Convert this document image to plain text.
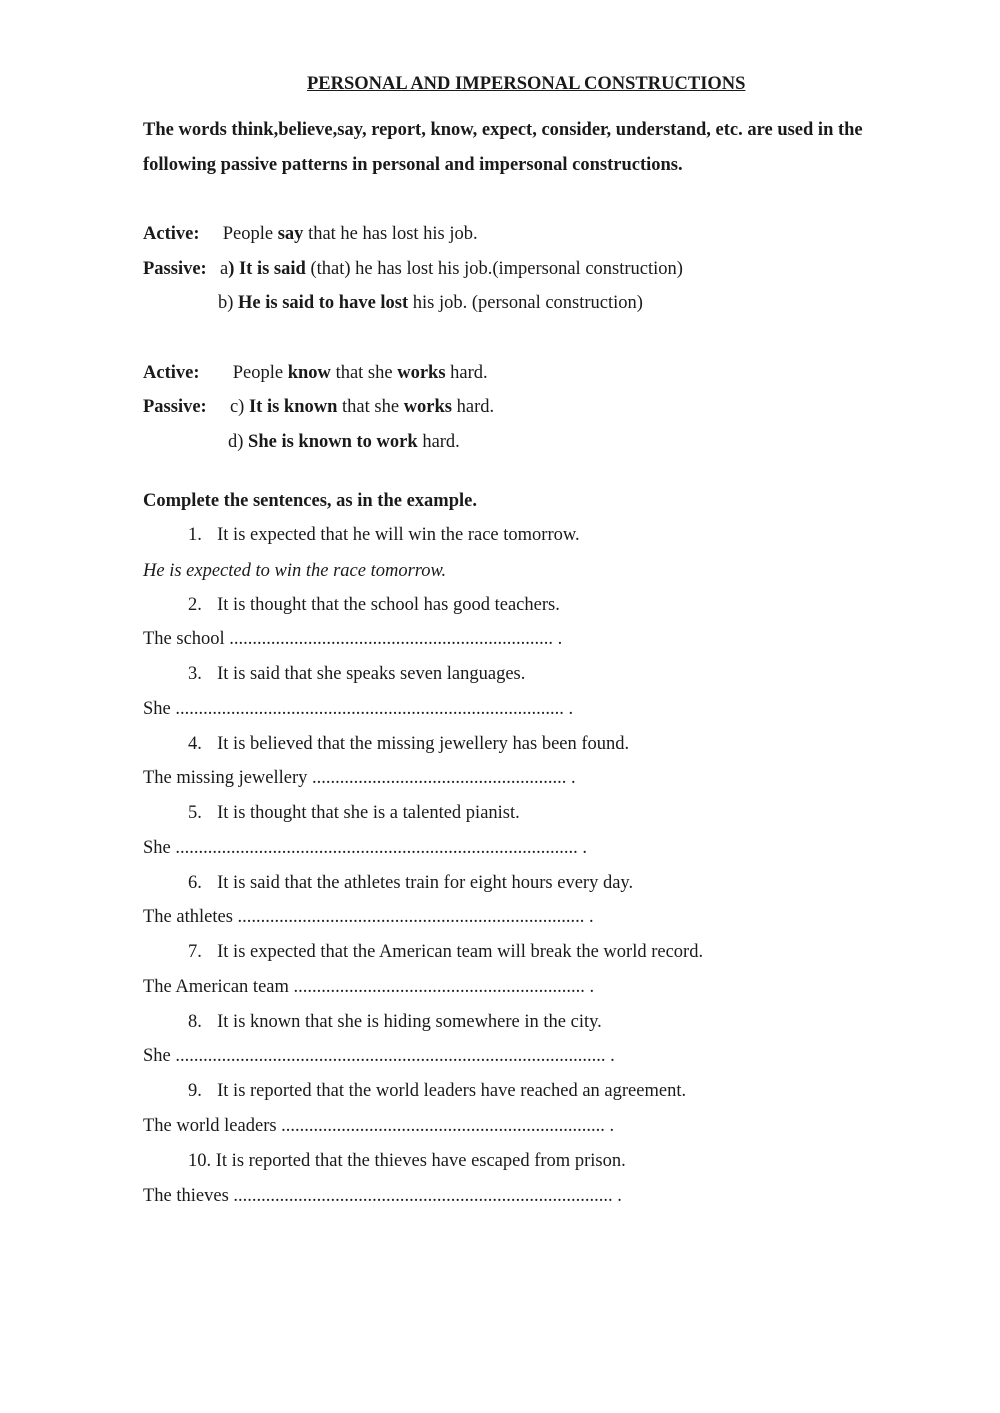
PERSONAL AND IMPERSONAL CONSTRUCTIONS
The words think,believe,say, report, know, expect, consider, understand, etc. are used in the
following passive patterns in personal and impersonal constructions.
Active: People say that he has lost his job.
Passive: a) It is said (that) he has lost his job.(impersonal construction)
b) He is said to have lost his job. (personal construction)
Active: People know that she works hard.
Passive: c) It is known that she works hard.
d) She is known to work hard.
Complete the sentences, as in the example.
1. It is expected that he will win the race tomorrow.
He is expected to win the race tomorrow.
2. It is thought that the school has good teachers.
The school ...................................................................... .
3. It is said that she speaks seven languages.
She .................................................................................... .
4. It is believed that the missing jewellery has been found.
The missing jewellery ....................................................... .
5. It is thought that she is a talented pianist.
She ....................................................................................... .
6. It is said that the athletes train for eight hours every day.
The athletes ........................................................................... .
7. It is expected that the American team will break the world record.
The American team ............................................................... .
8. It is known that she is hiding somewhere in the city.
She ............................................................................................. .
9. It is reported that the world leaders have reached an agreement.
The world leaders ...................................................................... .
10. It is reported that the thieves have escaped from prison.
The thieves .................................................................................. .
